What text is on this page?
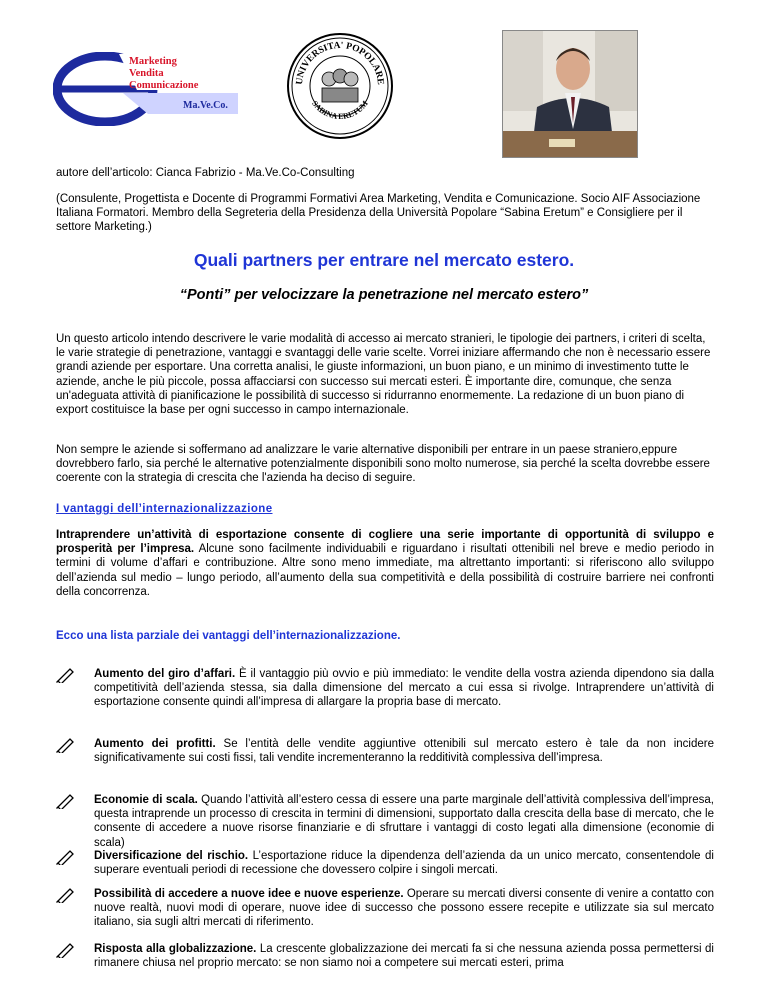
Marketing
Vendita
Comunicazione
Ma.Ve.Co.
UNIVERSITA' POPOLARE
SABINA ERETUM
autore dell’articolo: Cianca Fabrizio - Ma.Ve.Co-Consulting
(Consulente, Progettista e Docente di Programmi Formativi Area Marketing, Vendita e Comunicazione. Socio AIF Associazione Italiana Formatori. Membro della Segreteria della Presidenza della Università Popolare “Sabina Eretum” e Consigliere per il settore Marketing.)
Quali partners per entrare nel mercato estero.
“Ponti” per velocizzare la penetrazione nel mercato estero”
Un questo articolo intendo descrivere le varie modalità di accesso ai mercato stranieri, le tipologie dei partners, i criteri di scelta, le varie strategie di penetrazione, vantaggi e svantaggi delle varie scelte. Vorrei iniziare affermando che non è necessario essere grandi aziende per esportare. Una corretta analisi, le giuste informazioni, un buon piano, e un minimo di investimento tutte le aziende, anche le più piccole, possa affacciarsi con successo sui mercati esteri. È importante dire, comunque, che senza un'adeguata attività di pianificazione le possibilità di successo si ridurranno enormemente. La redazione di un buon piano di export costituisce la base per ogni successo in campo internazionale.
Non sempre le aziende si soffermano ad analizzare le varie alternative disponibili per entrare in un paese straniero,eppure dovrebbero farlo, sia perché le alternative potenzialmente disponibili sono molto numerose, sia perché la scelta dovrebbe essere coerente con la strategia di crescita che l'azienda ha deciso di seguire.
I vantaggi dell’internazionalizzazione
Intraprendere un’attività di esportazione consente di cogliere una serie importante di opportunità di sviluppo e prosperità per l’impresa. Alcune sono facilmente individuabili e riguardano i risultati ottenibili nel breve e medio periodo in termini di volume d’affari e contribuzione. Altre sono meno immediate, ma altrettanto importanti: si riferiscono allo sviluppo dell’azienda sul medio – lungo periodo, all’aumento della sua competitività e della possibilità di costruire barriere nei confronti della concorrenza.
Ecco una lista parziale dei vantaggi dell’internazionalizzazione.
Aumento del giro d’affari. È il vantaggio più ovvio e più immediato: le vendite della vostra azienda dipendono sia dalla competitività dell’azienda stessa, sia dalla dimensione del mercato a cui essa si rivolge. Intraprendere un’attività di esportazione consente quindi all’impresa di allargare la propria base di mercato.
Aumento dei profitti. Se l’entità delle vendite aggiuntive ottenibili sul mercato estero è tale da non incidere significativamente sui costi fissi, tali vendite incrementeranno la redditività complessiva dell’impresa.
Economie di scala. Quando l’attività all’estero cessa di essere una parte marginale dell’attività complessiva dell’impresa, questa intraprende un processo di crescita in termini di dimensioni, supportato dalla crescita della base di mercato, che le consente di accedere a nuove risorse finanziarie e di sfruttare i vantaggi di costo legati alla dimensione (economie di scala)
Diversificazione del rischio. L’esportazione riduce la dipendenza dell’azienda da un unico mercato, consentendole di superare eventuali periodi di recessione che dovessero colpire i singoli mercati.
Possibilità di accedere a nuove idee e nuove esperienze. Operare su mercati diversi consente di venire a contatto con nuove realtà, nuovi modi di operare, nuove idee di successo che possono essere recepite e utilizzate sia sul mercato italiano, sia sugli altri mercati di riferimento.
Risposta alla globalizzazione. La crescente globalizzazione dei mercati fa si che nessuna azienda possa permettersi di rimanere chiusa nel proprio mercato: se non siamo noi a competere sui mercati esteri, prima
